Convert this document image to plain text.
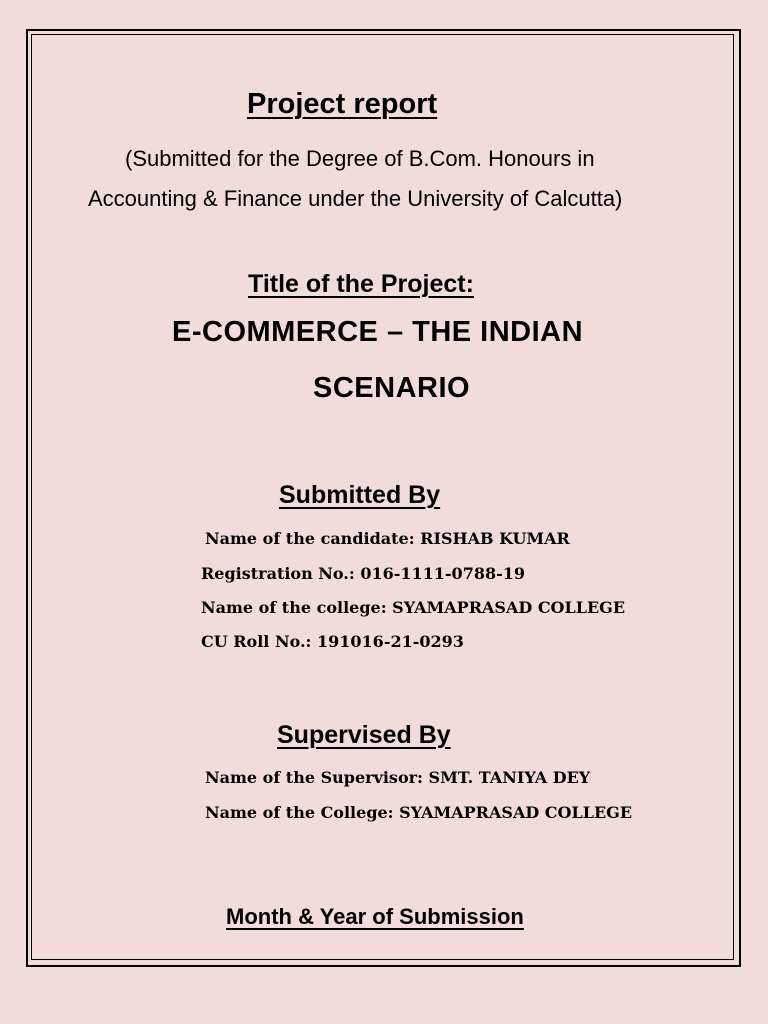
Project report
(Submitted for the Degree of B.Com. Honours in
Accounting & Finance under the University of Calcutta)
Title of the Project:
E-COMMERCE – THE INDIAN
SCENARIO
Submitted By
Name of the candidate: RISHAB KUMAR
Registration No.: 016-1111-0788-19
Name of the college: SYAMAPRASAD COLLEGE
CU Roll No.: 191016-21-0293
Supervised By
Name of the Supervisor: SMT. TANIYA DEY
Name of the College: SYAMAPRASAD COLLEGE
Month & Year of Submission
